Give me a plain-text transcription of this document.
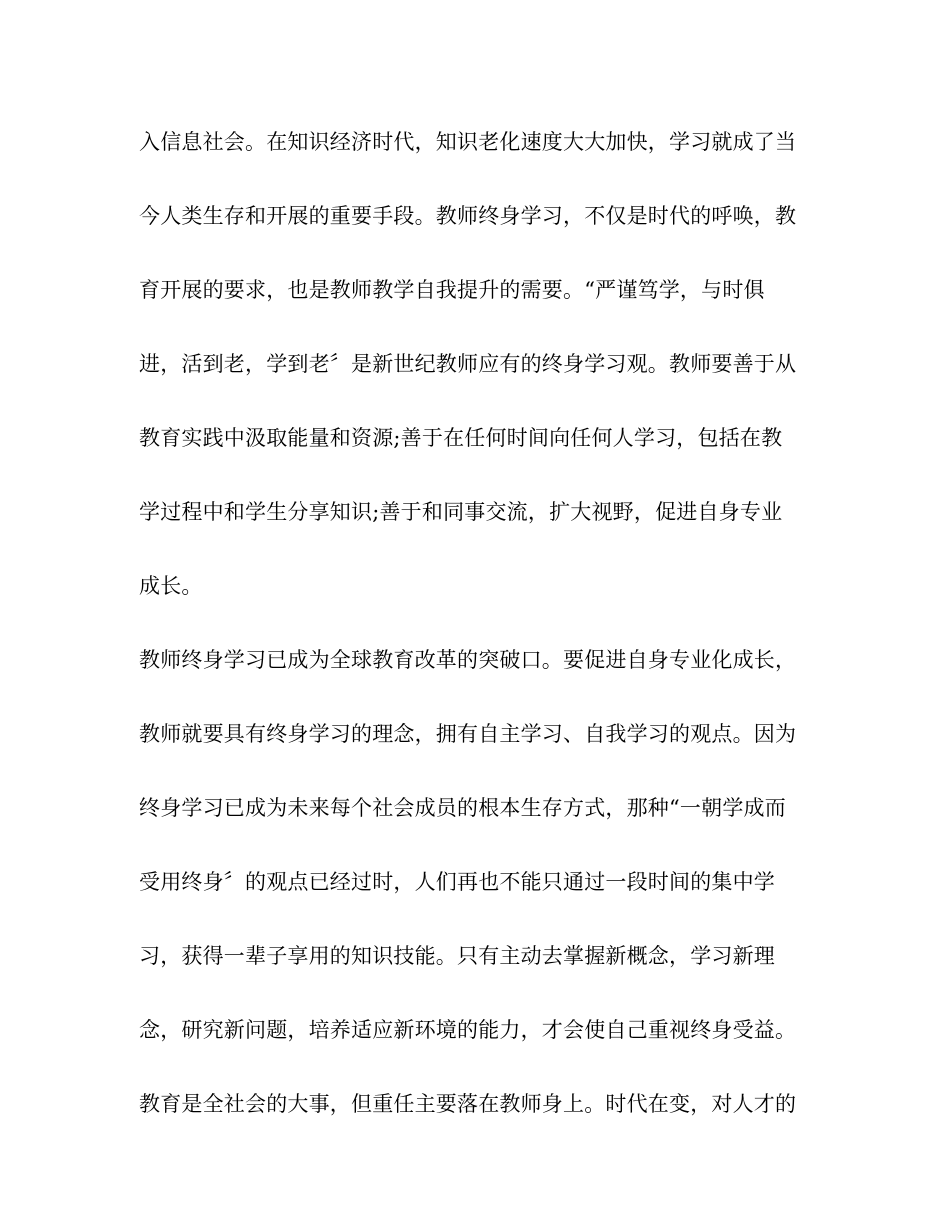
入信息社会。在知识经济时代，知识老化速度大大加快，学习就成了当
今人类生存和开展的重要手段。教师终身学习，不仅是时代的呼唤，教
育开展的要求，也是教师教学自我提升的需要。“严谨笃学，与时俱
进，活到老，学到老〞是新世纪教师应有的终身学习观。教师要善于从
教育实践中汲取能量和资源;善于在任何时间向任何人学习，包括在教
学过程中和学生分享知识;善于和同事交流，扩大视野，促进自身专业
成长。
教师终身学习已成为全球教育改革的突破口。要促进自身专业化成长，
教师就要具有终身学习的理念，拥有自主学习、自我学习的观点。因为
终身学习已成为未来每个社会成员的根本生存方式，那种“一朝学成而
受用终身〞的观点已经过时，人们再也不能只通过一段时间的集中学
习，获得一辈子享用的知识技能。只有主动去掌握新概念，学习新理
念，研究新问题，培养适应新环境的能力，才会使自己重视终身受益。
教育是全社会的大事，但重任主要落在教师身上。时代在变，对人才的
